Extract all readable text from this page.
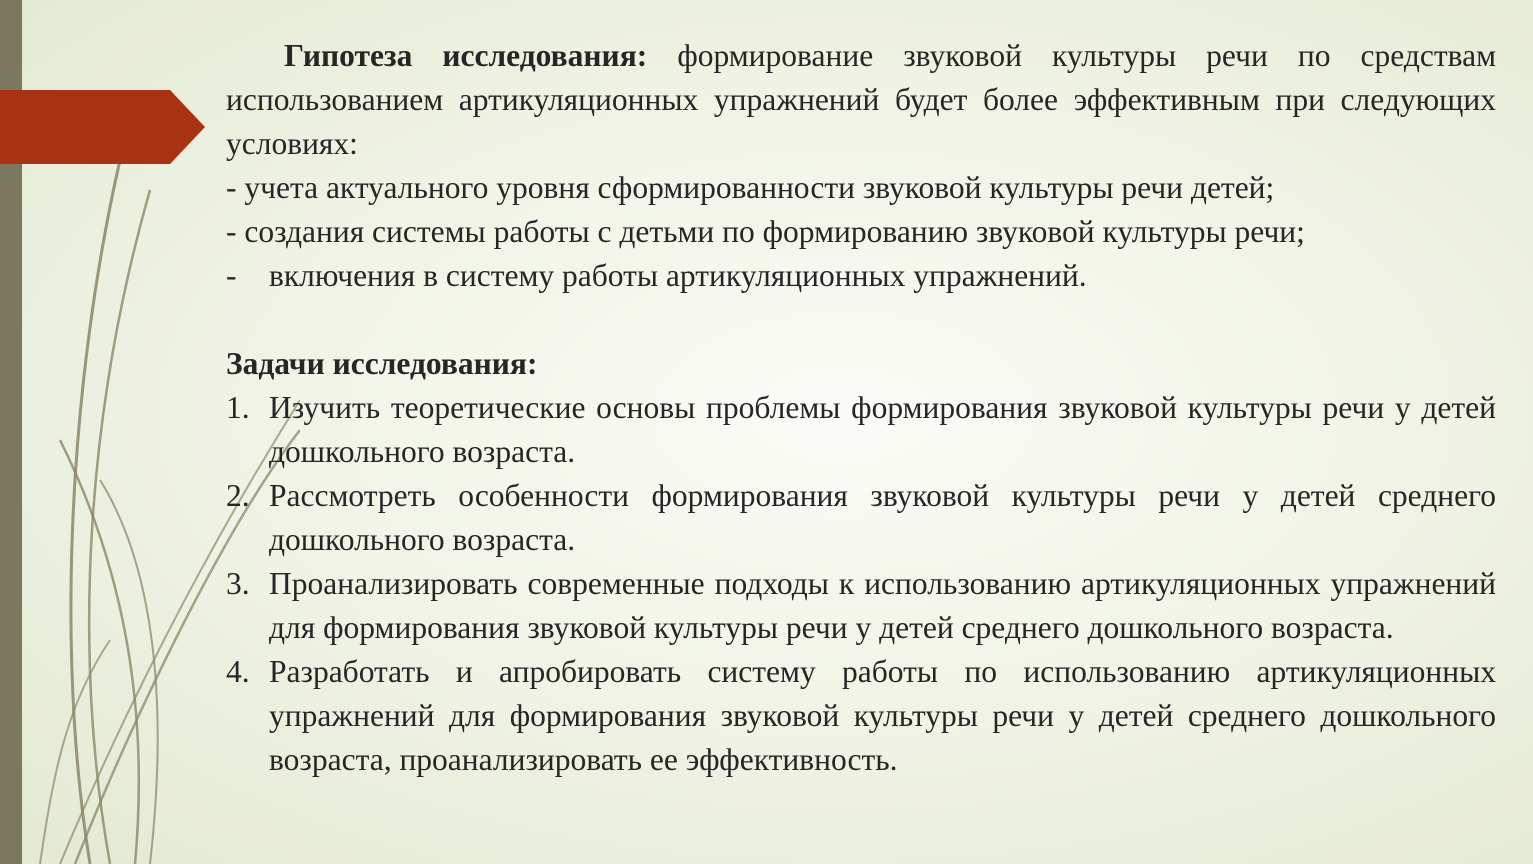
Гипотеза исследования: формирование звуковой культуры речи по средствам использованием артикуляционных упражнений будет более эффективным при следующих условиях:

- учета актуального уровня сформированности звуковой культуры речи детей;

- создания системы работы с детьми по формированию звуковой культуры речи;

- включения в систему работы артикуляционных упражнений.

Задачи исследования:

1. Изучить теоретические основы проблемы формирования звуковой культуры речи у детей дошкольного возраста.
2. Рассмотреть особенности формирования звуковой культуры речи у детей среднего дошкольного возраста.
3. Проанализировать современные подходы к использованию артикуляционных упражнений для формирования звуковой культуры речи у детей среднего дошкольного возраста.
4. Разработать и апробировать систему работы по использованию артикуляционных упражнений для формирования звуковой культуры речи у детей среднего дошкольного возраста, проанализировать ее эффективность.
